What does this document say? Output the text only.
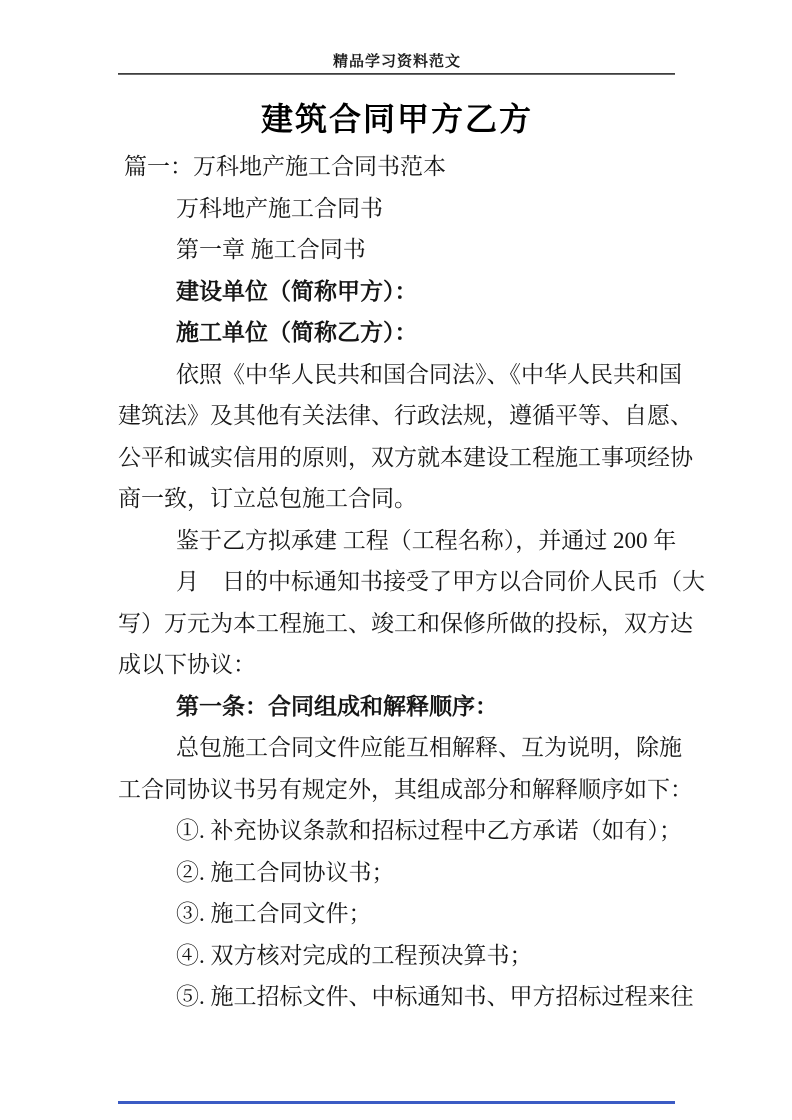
精品学习资料范文
建筑合同甲方乙方
篇一：万科地产施工合同书范本
万科地产施工合同书
第一章 施工合同书
建设单位（简称甲方）：
施工单位（简称乙方）：
依照《中华人民共和国合同法》、《中华人民共和国
建筑法》及其他有关法律、行政法规，遵循平等、自愿、
公平和诚实信用的原则，双方就本建设工程施工事项经协
商一致，订立总包施工合同。
鉴于乙方拟承建 工程（工程名称），并通过 200 年
月　日的中标通知书接受了甲方以合同价人民币（大
写）万元为本工程施工、竣工和保修所做的投标，双方达
成以下协议：
第一条：合同组成和解释顺序：
总包施工合同文件应能互相解释、互为说明，除施
工合同协议书另有规定外，其组成部分和解释顺序如下：
①. 补充协议条款和招标过程中乙方承诺（如有）；
②. 施工合同协议书；
③. 施工合同文件；
④. 双方核对完成的工程预决算书；
⑤. 施工招标文件、中标通知书、甲方招标过程来往
